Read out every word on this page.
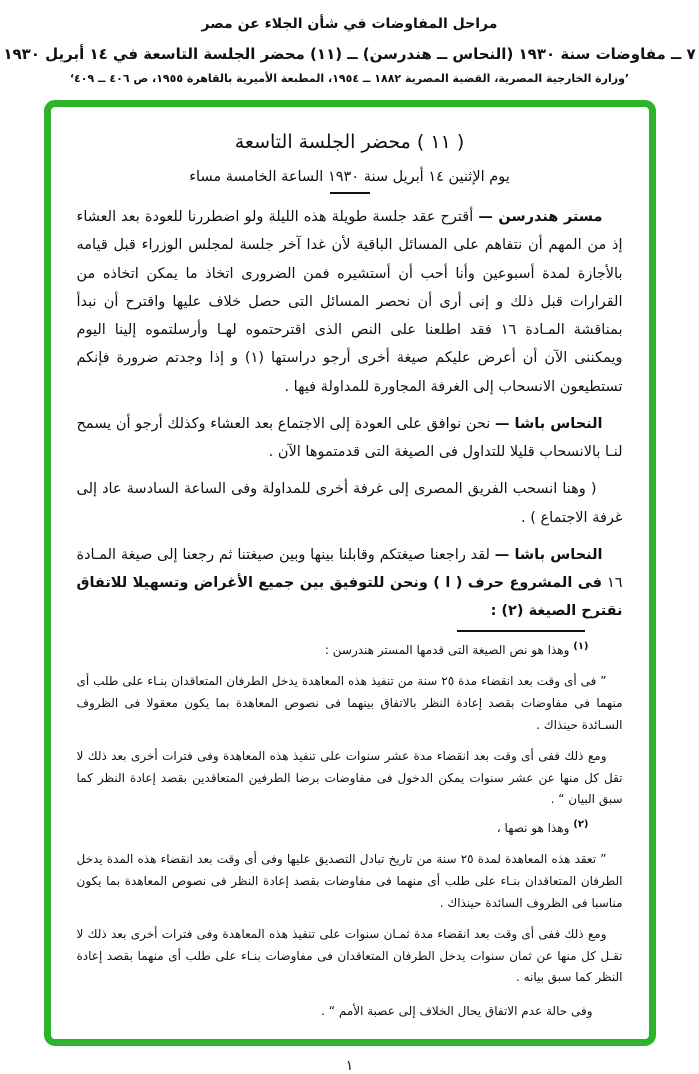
مراحل المفاوضات في شأن الجلاء عن مصر
٧ ــ مفاوضات سنة ١٩٣٠ (النحاس ــ هندرسن) ــ (١١) محضر الجلسة التاسعة في ١٤ أبريل ١٩٣٠
’وزارة الخارجية المصرية، القضية المصرية ١٨٨٢ ــ ١٩٥٤، المطبعة الأميرية بالقاهرة ١٩٥٥، ص ٤٠٦ ــ ٤٠٩‘
( ١١ ) محضر الجلسة التاسعة
يوم الإثنين ١٤ أبريل سنة ١٩٣٠ الساعة الخامسة مساء

مستر هندرسن — أقترح عقد جلسة طويلة هذه الليلة ولو اضطررنا للعودة بعد العشاء إذ من المهم أن نتفاهم على المسائل الباقية لأن غدا آخر جلسة لمجلس الوزراء قبل قيامه بالأجازة لمدة أسبوعين وأنا أحب أن أستشيره فمن الضرورى اتخاذ ما يمكن اتخاذه من القرارات قبل ذلك و إنى أرى أن نحصر المسائل التى حصل خلاف عليها واقترح أن نبدأ بمناقشة المـادة ١٦ فقد اطلعنا على النص الذى اقترحتموه لهـا وأرسلتموه إلينا اليوم ويمكننى الآن أن أعرض عليكم صيغة أخرى أرجو دراستها (١) و إذا وجدتم ضرورة فإنكم تستطيعون الانسحاب إلى الغرفة المجاورة للمداولة فيها .

النحاس باشا — نحن نوافق على العودة إلى الاجتماع بعد العشاء وكذلك أرجو أن يسمح لنـا بالانسحاب قليلا للتداول فى الصيغة التى قدمتموها الآن .

( وهنا انسحب الفريق المصرى إلى غرفة أخرى للمداولة وفى الساعة السادسة عاد إلى غرفة الاجتماع ) .

النحاس باشا — لقد راجعنا صيغتكم وقابلنا بينها وبين صيغتنا ثم رجعنا إلى صيغة المـادة ١٦ فى المشروع حرف ( ا ) ونحن للتوفيق بين جميع الأغراض وتسهيلا للاتفاق نقترح الصيغة (٢) :

$^{(١)}$ وهذا هو نص الصيغة التى قدمها المستر هندرسن :

” فى أى وقت بعد انقضاء مدة ٢٥ سنة من تنفيذ هذه المعاهدة يدخل الطرفان المتعاقدان بنـاء على طلب أى منهما فى مفاوضات بقصد إعادة النظر بالاتفاق بينهما فى نصوص المعاهدة بما يكون معقولا فى الظروف السـائدة حينذاك .

ومع ذلك ففى أى وقت بعد انقضاء مدة عشر سنوات على تنفيذ هذه المعاهدة وفى فترات أخرى بعد ذلك لا تقل كل منها عن عشر سنوات يمكن الدخول فى مفاوضات برضا الطرفين المتعاقدين بقصد إعادة النظر كما سبق البيان “ .

$^{(٢)}$ وهذا هو نصها ،

” تعقد هذه المعاهدة لمدة ٢٥ سنة من تاريخ تبادل التصديق عليها وفى أى وقت بعد انقضاء هذه المدة يدخل الطرفان المتعاقدان بنـاء على طلب أى منهما فى مفاوضات بقصد إعادة النظر فى نصوص المعاهدة بما يكون مناسبا فى الظروف السائدة حينذاك .

ومع ذلك ففى أى وقت بعد انقضاء مدة ثمـان سنوات على تنفيذ هذه المعاهدة وفى فترات أخرى بعد ذلك لا تقـل كل منها عن ثمان سنوات يدخل الطرفان المتعاقدان فى مفاوضات بنـاء على طلب أى منهما بقصد إعادة النظر كما سبق بيانه .

وفى حالة عدم الاتفاق يحال الخلاف إلى عصبة الأمم “ .

١
